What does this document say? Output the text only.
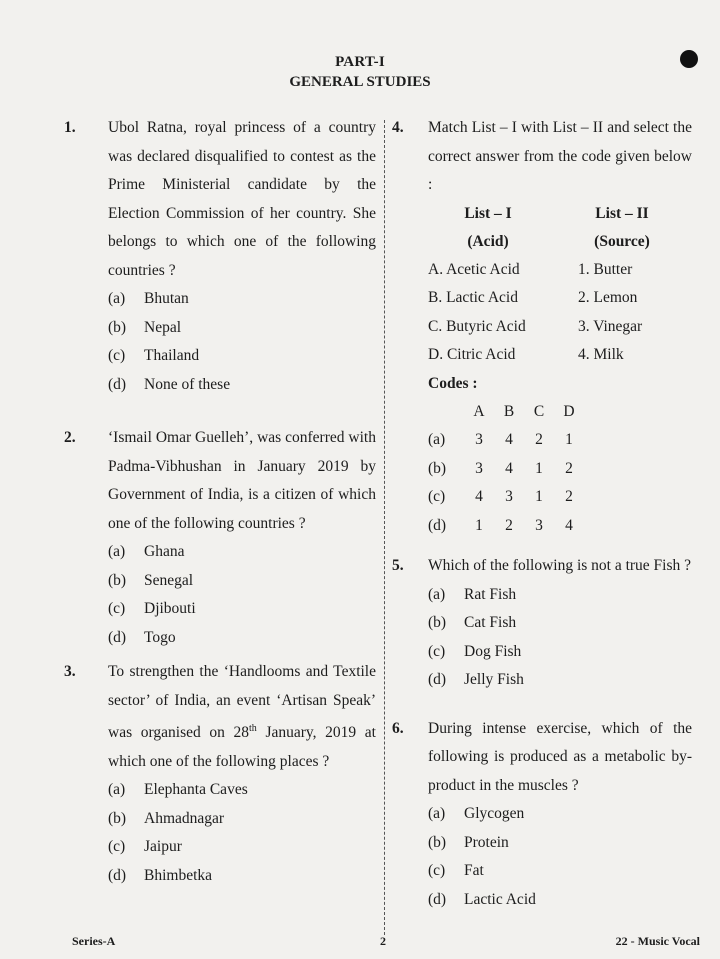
PART-I
GENERAL STUDIES
1. Ubol Ratna, royal princess of a country was declared disqualified to contest as the Prime Ministerial candidate by the Election Commission of her country. She belongs to which one of the following countries ?
(a) Bhutan
(b) Nepal
(c) Thailand
(d) None of these
2. ‘Ismail Omar Guelleh’, was conferred with Padma-Vibhushan in January 2019 by Government of India, is a citizen of which one of the following countries ?
(a) Ghana
(b) Senegal
(c) Djibouti
(d) Togo
3. To strengthen the ‘Handlooms and Textile sector’ of India, an event ‘Artisan Speak’ was organised on 28th January, 2019 at which one of the following places ?
(a) Elephanta Caves
(b) Ahmadnagar
(c) Jaipur
(d) Bhimbetka
4. Match List – I with List – II and select the correct answer from the code given below :
List – I	List – II
(Acid)	(Source)
A. Acetic Acid	1. Butter
B. Lactic Acid	2. Lemon
C. Butyric Acid	3. Vinegar
D. Citric Acid	4. Milk
Codes :
A	B	C	D
(a)	3	4	2	1
(b)	3	4	1	2
(c)	4	3	1	2
(d)	1	2	3	4
5. Which of the following is not a true Fish ?
(a) Rat Fish
(b) Cat Fish
(c) Dog Fish
(d) Jelly Fish
6. During intense exercise, which of the following is produced as a metabolic by-product in the muscles ?
(a) Glycogen
(b) Protein
(c) Fat
(d) Lactic Acid
Series-A	2	22 - Music Vocal
